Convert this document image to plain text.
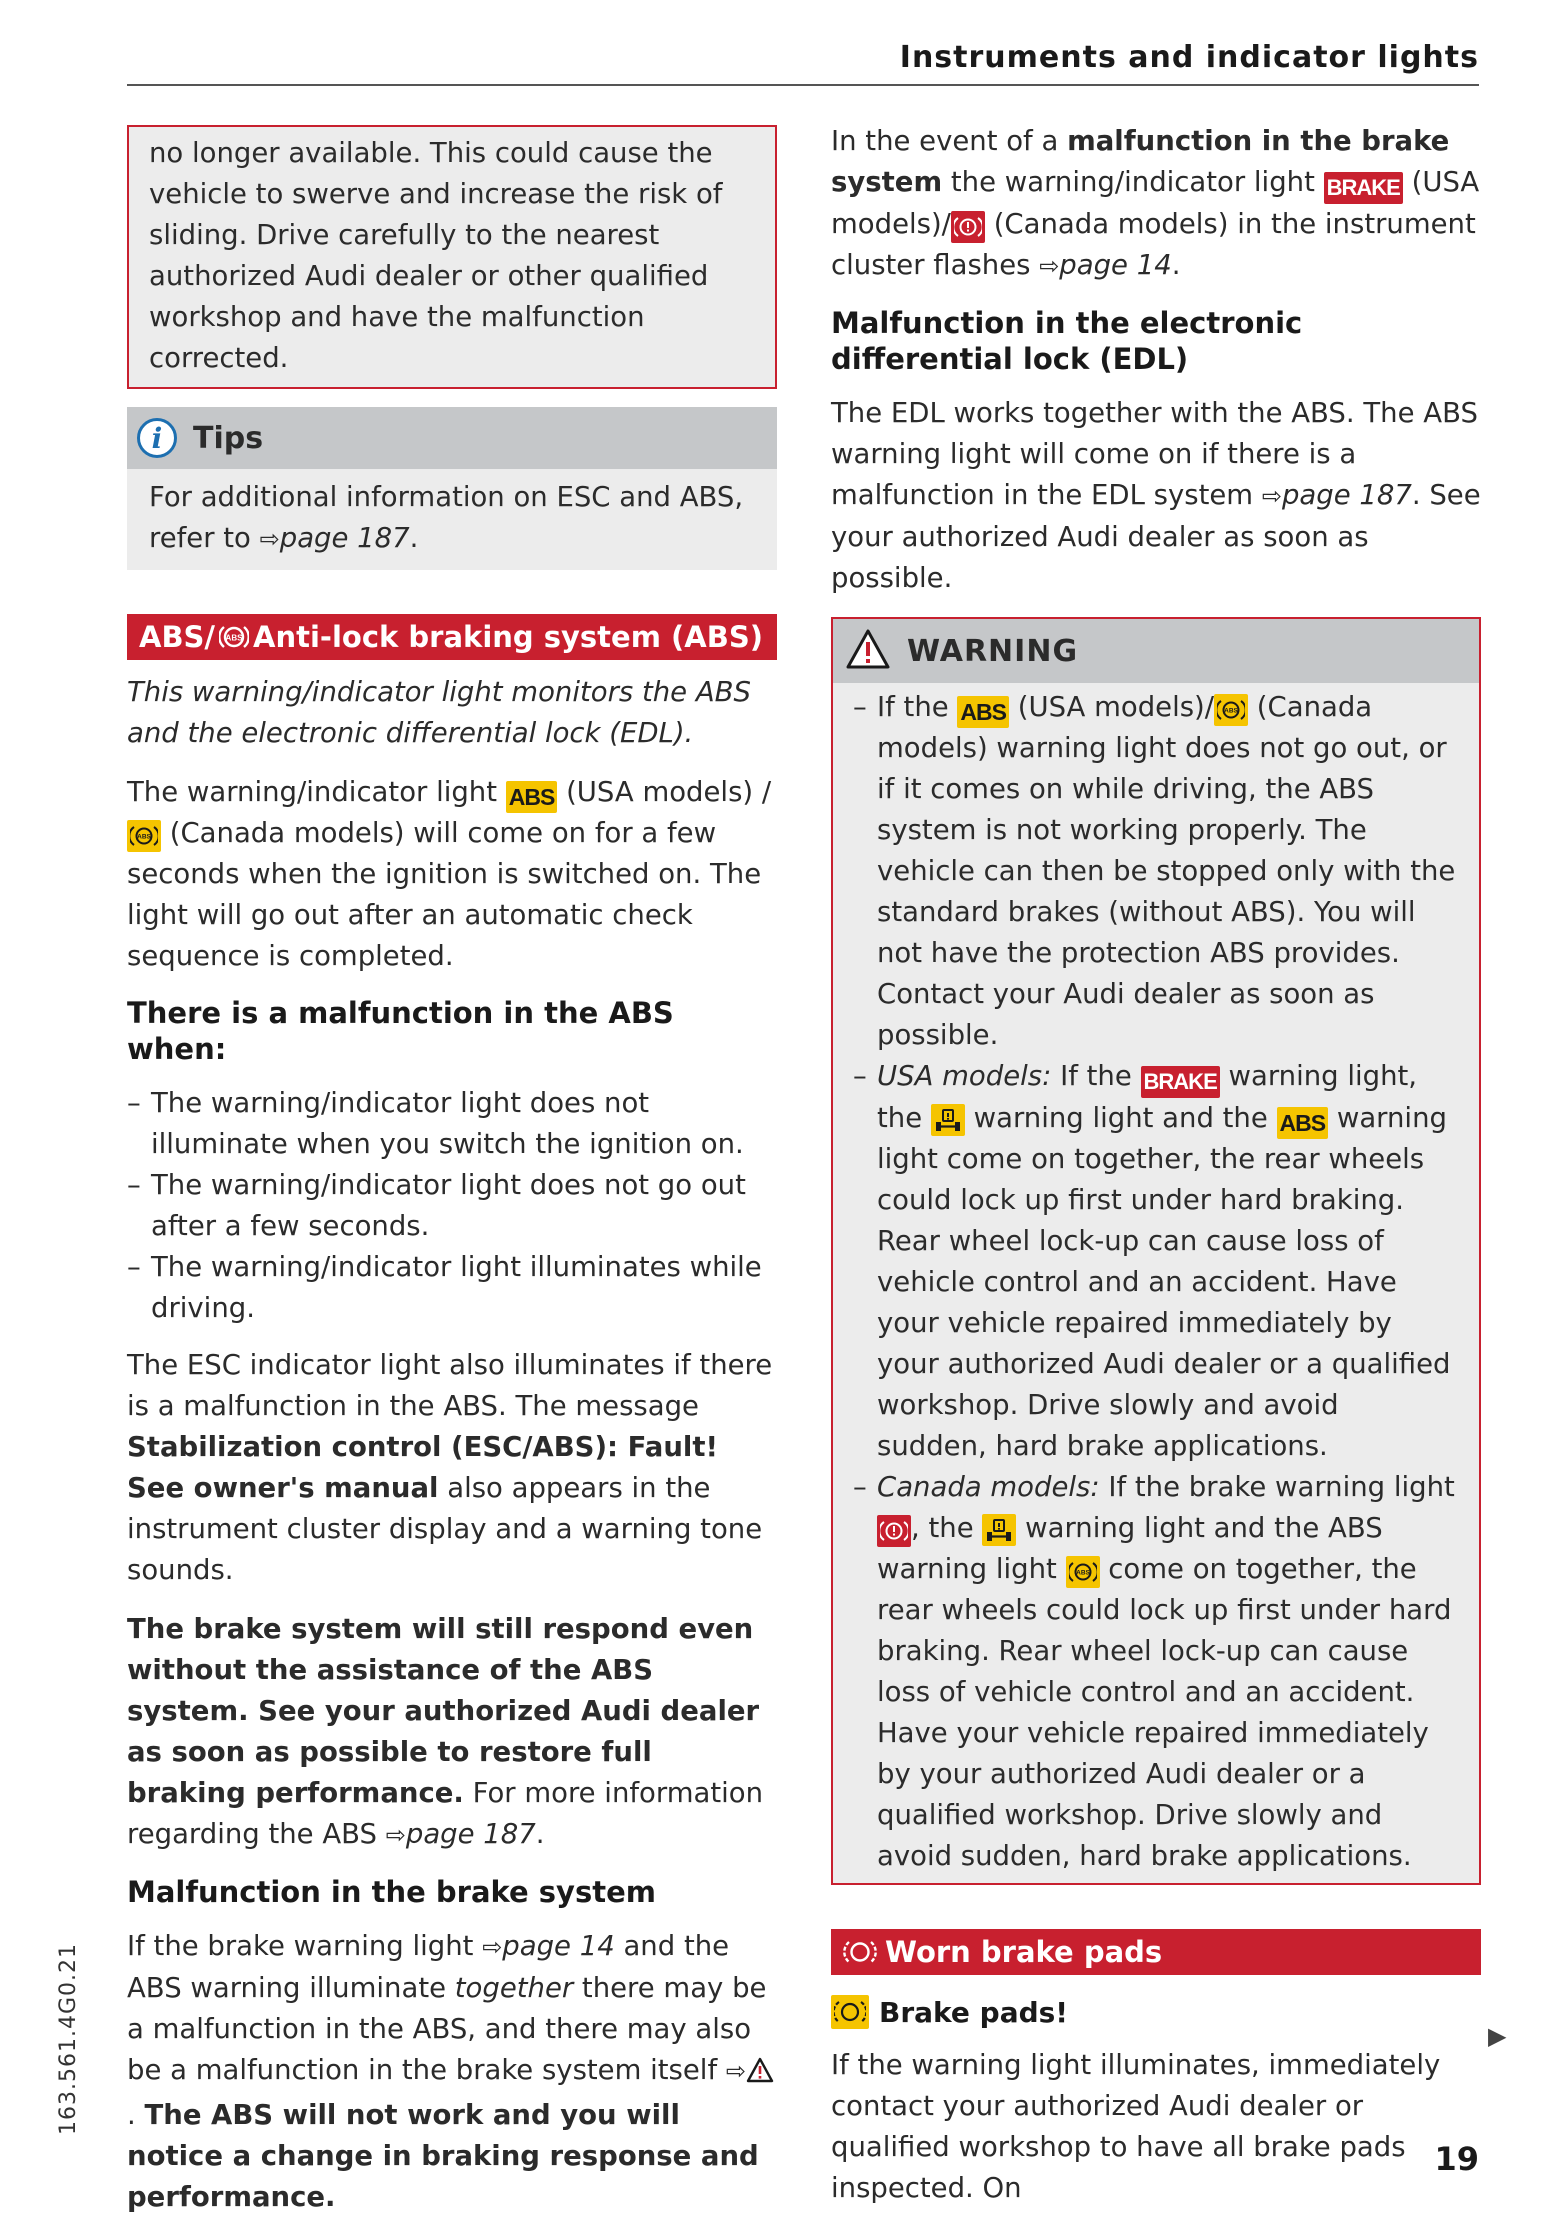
Instruments and indicator lights

no longer available. This could cause the vehicle to swerve and increase the risk of sliding. Drive carefully to the nearest authorized Audi dealer or other qualified workshop and have the malfunction corrected.

i	Tips

For additional information on ESC and ABS, refer to ⇨page 187.

ABS/ ABS Anti-lock braking system (ABS)

This warning/indicator light monitors the ABS and the electronic differential lock (EDL).

The warning/indicator light ABS (USA models) /
ABS (Canada models) will come on for a few seconds when the ignition is switched on. The light will go out after an automatic check sequence is completed.

There is a malfunction in the ABS when:
– The warning/indicator light does not illuminate when you switch the ignition on.
– The warning/indicator light does not go out after a few seconds.
– The warning/indicator light illuminates while driving.

The ESC indicator light also illuminates if there is a malfunction in the ABS. The message Stabilization control (ESC/ABS): Fault! See owner's manual also appears in the instrument cluster display and a warning tone sounds.

The brake system will still respond even without the assistance of the ABS system. See your authorized Audi dealer as soon as possible to restore full braking performance. For more information regarding the ABS ⇨page 187.

Malfunction in the brake system

If the brake warning light ⇨page 14 and the ABS warning illuminate together there may be a malfunction in the ABS, and there may also be a malfunction in the brake system itself ⇨. The ABS will not work and you will notice a change in braking response and performance.

In the event of a malfunction in the brake system the warning/indicator light BRAKE (USA models)/
(Canada models) in the instrument cluster flashes ⇨page 14.

Malfunction in the electronic differential lock (EDL)

The EDL works together with the ABS. The ABS warning light will come on if there is a malfunction in the EDL system ⇨page 187. See your authorized Audi dealer as soon as possible.

WARNING
– If the ABS (USA models)/ ABS (Canada models) warning light does not go out, or if it comes on while driving, the ABS system is not working properly. The vehicle can then be stopped only with the standard brakes (without ABS). You will not have the protection ABS provides. Contact your Audi dealer as soon as possible.
– USA models: If the BRAKE warning light, the
warning light and the ABS warning light come on together, the rear wheels could lock up first under hard braking. Rear wheel lock-up can cause loss of vehicle control and an accident. Have your vehicle repaired immediately by your authorized Audi dealer or a qualified workshop. Drive slowly and avoid sudden, hard brake applications.
– Canada models: If the brake warning light
, the
warning light and the ABS warning light ABS come on together, the rear wheels could lock up first under hard braking. Rear wheel lock-up can cause loss of vehicle control and an accident. Have your vehicle repaired immediately by your authorized Audi dealer or a qualified workshop. Drive slowly and avoid sudden, hard brake applications.
Worn brake pads
Brake pads!

If the warning light illuminates, immediately contact your authorized Audi dealer or qualified workshop to have all brake pads inspected. On

▶
163.561.4G0.21
19
